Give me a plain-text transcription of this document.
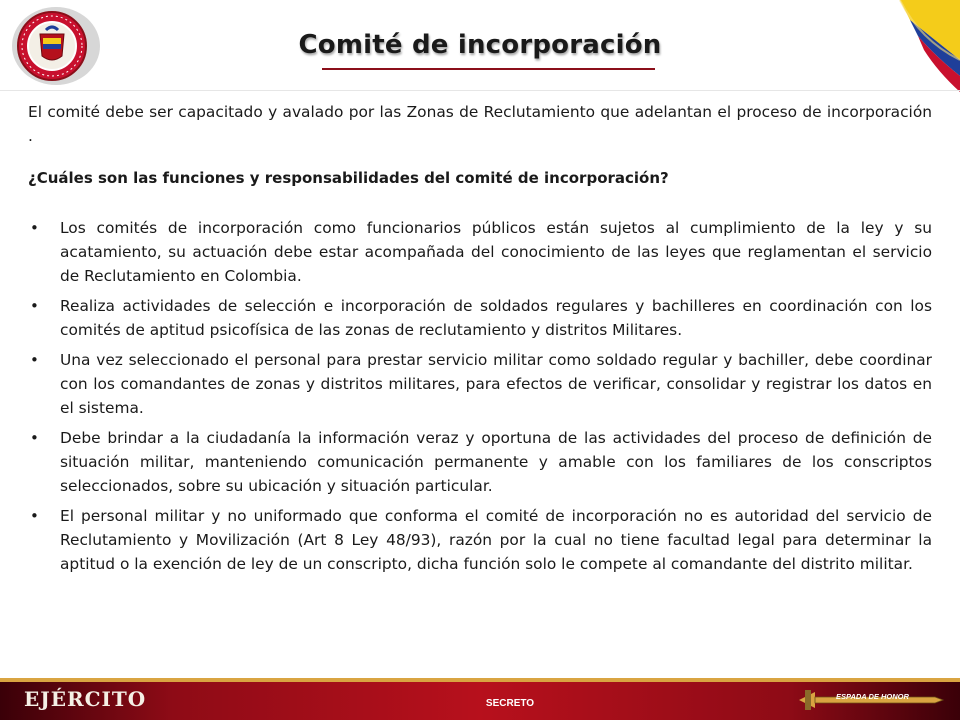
Comité de incorporación

El comité debe ser capacitado y avalado por las Zonas de Reclutamiento que adelantan el proceso de incorporación .

¿Cuáles son las funciones y responsabilidades del comité de incorporación?

• Los comités de incorporación como funcionarios públicos están sujetos al cumplimiento de la ley y su acatamiento, su actuación debe estar acompañada del conocimiento de las leyes que reglamentan el servicio de Reclutamiento en Colombia.
• Realiza actividades de selección e incorporación de soldados regulares y bachilleres en coordinación con los comités de aptitud psicofísica de las zonas de reclutamiento y distritos Militares.
• Una vez seleccionado el personal para prestar servicio militar como soldado regular y bachiller, debe coordinar con los comandantes de zonas y distritos militares, para efectos de verificar, consolidar y registrar los datos en el sistema.
• Debe brindar a la ciudadanía la información veraz y oportuna de las actividades del proceso de definición de situación militar, manteniendo comunicación permanente y amable con los familiares de los conscriptos seleccionados, sobre su ubicación y situación particular.
• El personal militar y no uniformado que conforma el comité de incorporación no es autoridad del servicio de Reclutamiento y Movilización (Art 8 Ley 48/93), razón por la cual no tiene facultad legal para determinar la aptitud o la exención de ley de un conscripto, dicha función solo le compete al comandante del distrito militar.
EJÉRCITO	SECRETO
ESPADA DE HONOR
